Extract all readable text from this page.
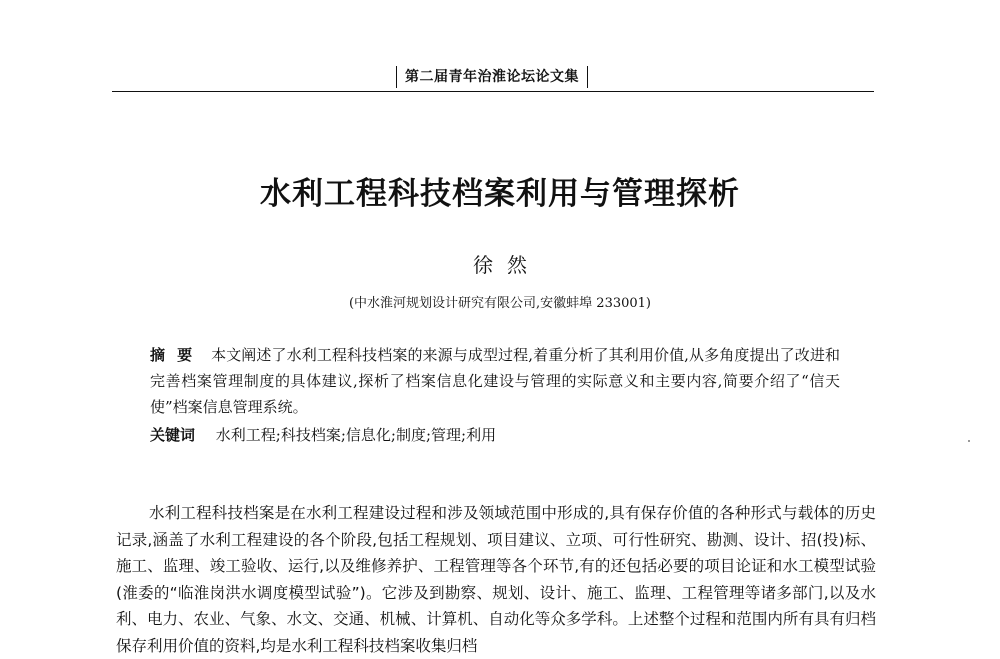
第二届青年治淮论坛论文集
水利工程科技档案利用与管理探析
徐然
(中水淮河规划设计研究有限公司,安徽蚌埠 233001)
摘要 本文阐述了水利工程科技档案的来源与成型过程,着重分析了其利用价值,从多角度提出了改进和完善档案管理制度的具体建议,探析了档案信息化建设与管理的实际意义和主要内容,简要介绍了“信天使”档案信息管理系统。
关键词 水利工程;科技档案;信息化;制度;管理;利用
水利工程科技档案是在水利工程建设过程和涉及领域范围中形成的,具有保存价值的各种形式与载体的历史记录,涵盖了水利工程建设的各个阶段,包括工程规划、项目建议、立项、可行性研究、勘测、设计、招(投)标、施工、监理、竣工验收、运行,以及维修养护、工程管理等各个环节,有的还包括必要的项目论证和水工模型试验(淮委的“临淮岗洪水调度模型试验”)。它涉及到勘察、规划、设计、施工、监理、工程管理等诸多部门,以及水利、电力、农业、气象、水文、交通、机械、计算机、自动化等众多学科。上述整个过程和范围内所有具有归档保存利用价值的资料,均是水利工程科技档案收集归档
